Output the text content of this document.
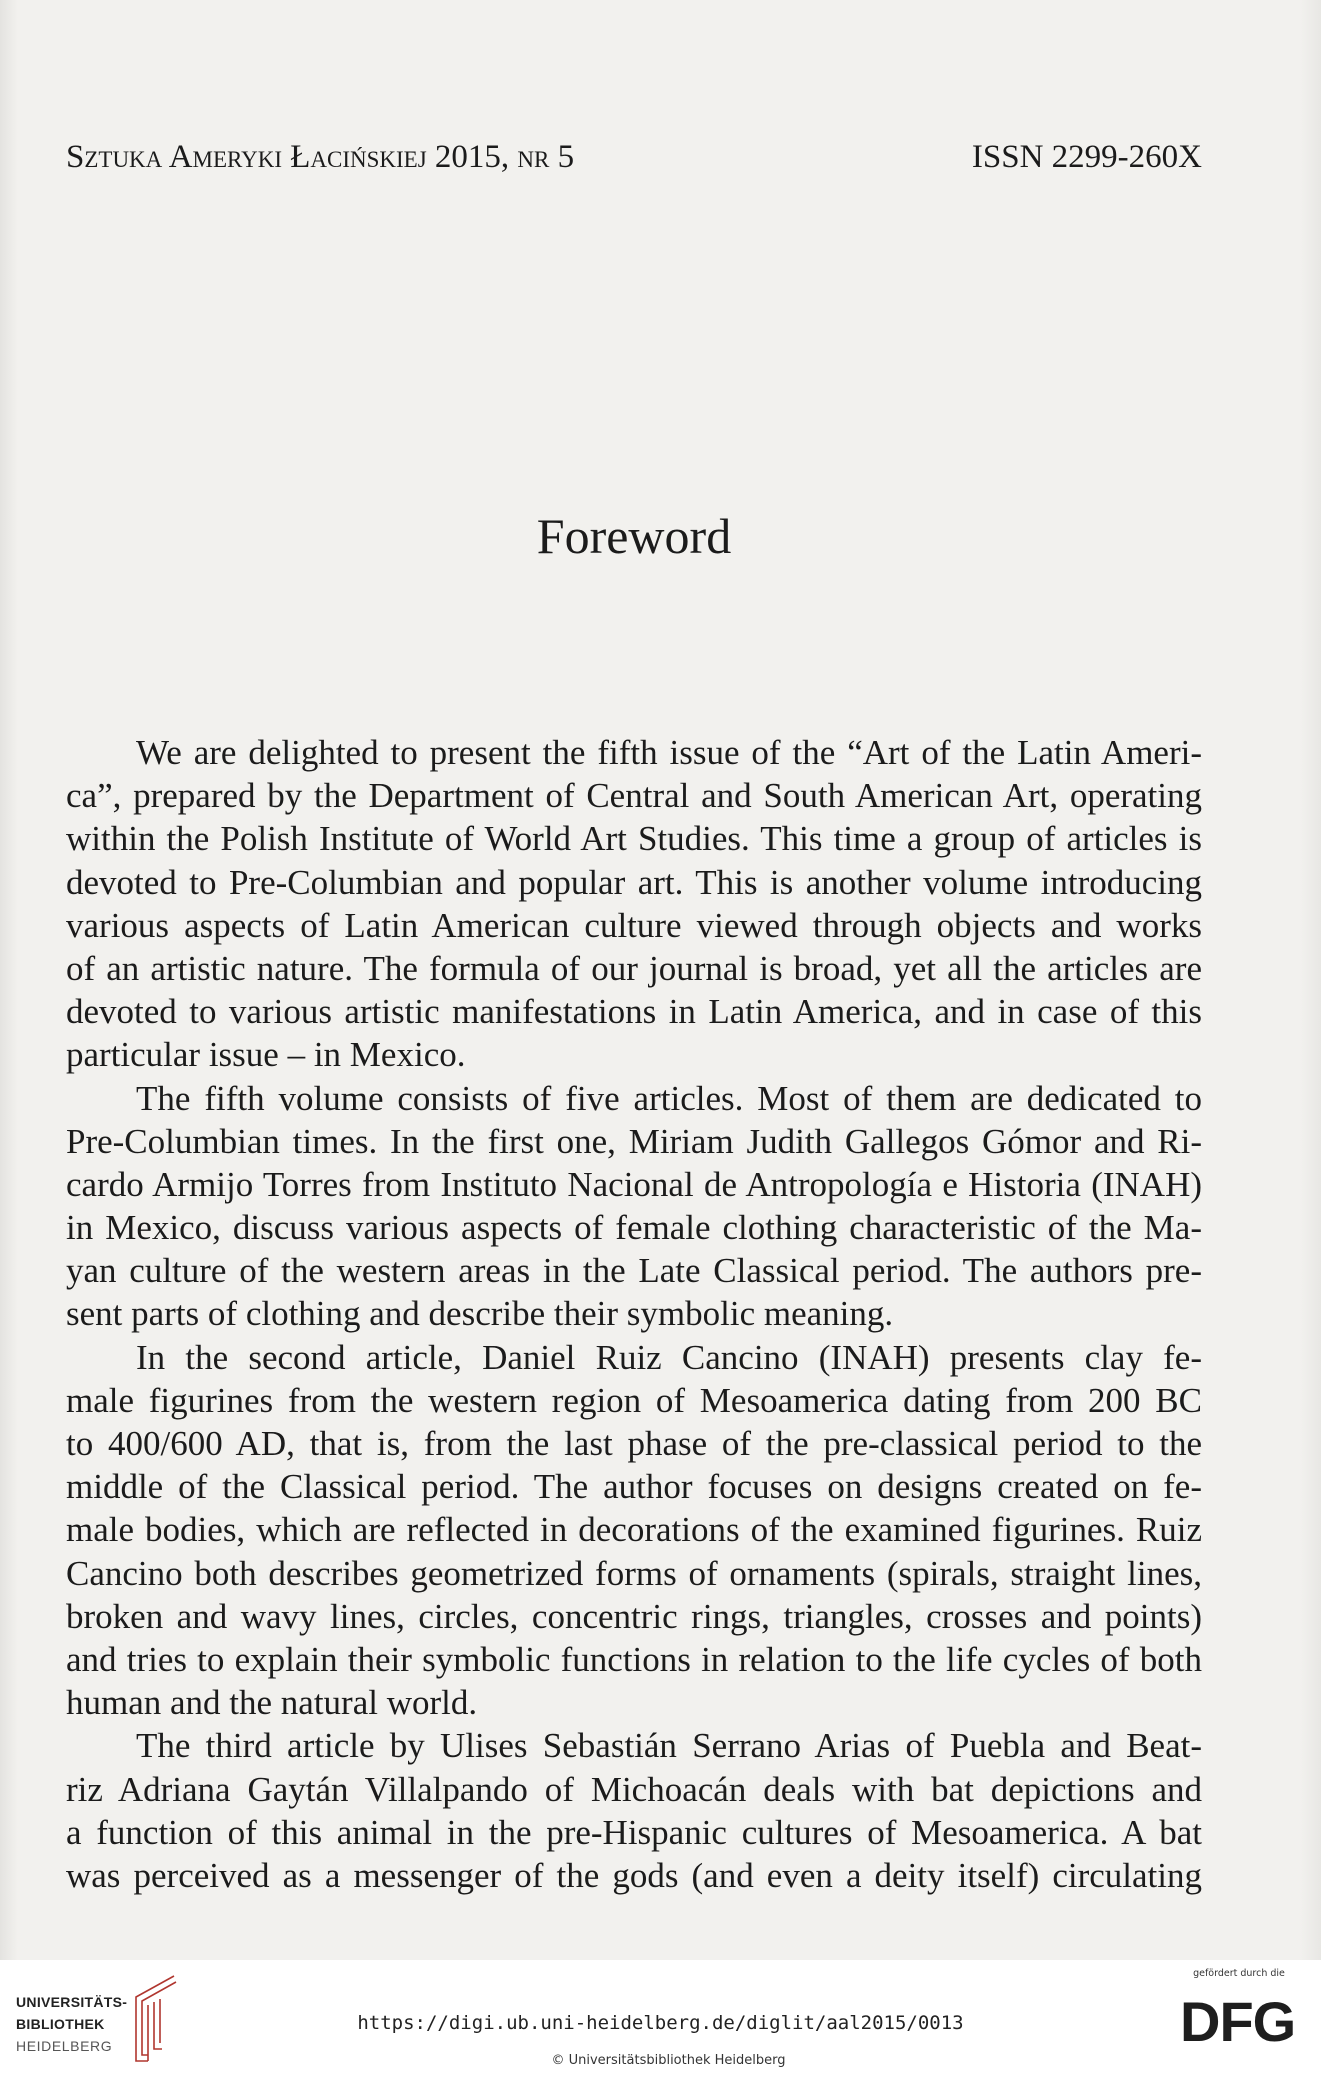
Sztuka Ameryki Łacińskiej 2015, nr 5	ISSN 2299-260X
Foreword
We are delighted to present the fifth issue of the “Art of the Latin Ameri-
ca”, prepared by the Department of Central and South American Art, operating
within the Polish Institute of World Art Studies. This time a group of articles is
devoted to Pre-Columbian and popular art. This is another volume introducing
various aspects of Latin American culture viewed through objects and works
of an artistic nature. The formula of our journal is broad, yet all the articles are
devoted to various artistic manifestations in Latin America, and in case of this
particular issue – in Mexico.
The fifth volume consists of five articles. Most of them are dedicated to
Pre-Columbian times. In the first one, Miriam Judith Gallegos Gómor and Ri-
cardo Armijo Torres from Instituto Nacional de Antropología e Historia (INAH)
in Mexico, discuss various aspects of female clothing characteristic of the Ma-
yan culture of the western areas in the Late Classical period. The authors pre-
sent parts of clothing and describe their symbolic meaning.
In the second article, Daniel Ruiz Cancino (INAH) presents clay fe-
male figurines from the western region of Mesoamerica dating from 200 BC
to 400/600 AD, that is, from the last phase of the pre-classical period to the
middle of the Classical period. The author focuses on designs created on fe-
male bodies, which are reflected in decorations of the examined figurines. Ruiz
Cancino both describes geometrized forms of ornaments (spirals, straight lines,
broken and wavy lines, circles, concentric rings, triangles, crosses and points)
and tries to explain their symbolic functions in relation to the life cycles of both
human and the natural world.
The third article by Ulises Sebastián Serrano Arias of Puebla and Beat-
riz Adriana Gaytán Villalpando of Michoacán deals with bat depictions and
a function of this animal in the pre-Hispanic cultures of Mesoamerica. A bat
was perceived as a messenger of the gods (and even a deity itself) circulating
UNIVERSITÄTS-
BIBLIOTHEK
HEIDELBERG
https://digi.ub.uni-heidelberg.de/diglit/aal2015/0013
© Universitätsbibliothek Heidelberg
gefördert durch die
DFG
